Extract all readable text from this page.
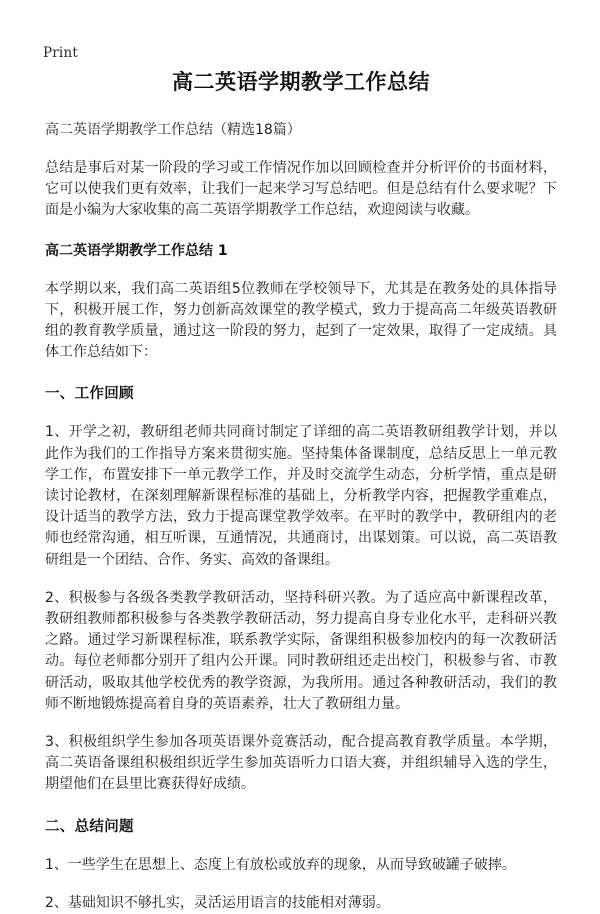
Print
高二英语学期教学工作总结

高二英语学期教学工作总结（精选18篇）

总结是事后对某一阶段的学习或工作情况作加以回顾检查并分析评价的书面材料，它可以使我们更有效率，让我们一起来学习写总结吧。但是总结有什么要求呢？下面是小编为大家收集的高二英语学期教学工作总结，欢迎阅读与收藏。

高二英语学期教学工作总结 1

本学期以来，我们高二英语组5位教师在学校领导下，尤其是在教务处的具体指导下，积极开展工作，努力创新高效课堂的教学模式，致力于提高高二年级英语教研组的教育教学质量，通过这一阶段的努力，起到了一定效果，取得了一定成绩。具体工作总结如下：

一、工作回顾

1、开学之初，教研组老师共同商讨制定了详细的高二英语教研组教学计划，并以此作为我们的工作指导方案来贯彻实施。坚持集体备课制度，总结反思上一单元教学工作，布置安排下一单元教学工作，并及时交流学生动态，分析学情，重点是研读讨论教材，在深刻理解新课程标准的基础上，分析教学内容，把握教学重难点，设计适当的教学方法，致力于提高课堂教学效率。在平时的教学中，教研组内的老师也经常沟通，相互听课，互通情况，共通商讨，出谋划策。可以说，高二英语教研组是一个团结、合作、务实、高效的备课组。

2、积极参与各级各类教学教研活动，坚持科研兴教。为了适应高中新课程改革，教研组教师都积极参与各类教学教研活动，努力提高自身专业化水平，走科研兴教之路。通过学习新课程标准，联系教学实际，备课组积极参加校内的每一次教研活动。每位老师都分别开了组内公开课。同时教研组还走出校门，积极参与省、市教研活动，吸取其他学校优秀的教学资源，为我所用。通过各种教研活动，我们的教师不断地锻炼提高着自身的英语素养，壮大了教研组力量。

3、积极组织学生参加各项英语课外竞赛活动，配合提高教育教学质量。本学期，高二英语备课组积极组织近学生参加英语听力口语大赛，并组织辅导入选的学生，期望他们在县里比赛获得好成绩。

二、总结问题

1、一些学生在思想上、态度上有放松或放弃的现象，从而导致破罐子破摔。

2、基础知识不够扎实，灵活运用语言的技能相对薄弱。
